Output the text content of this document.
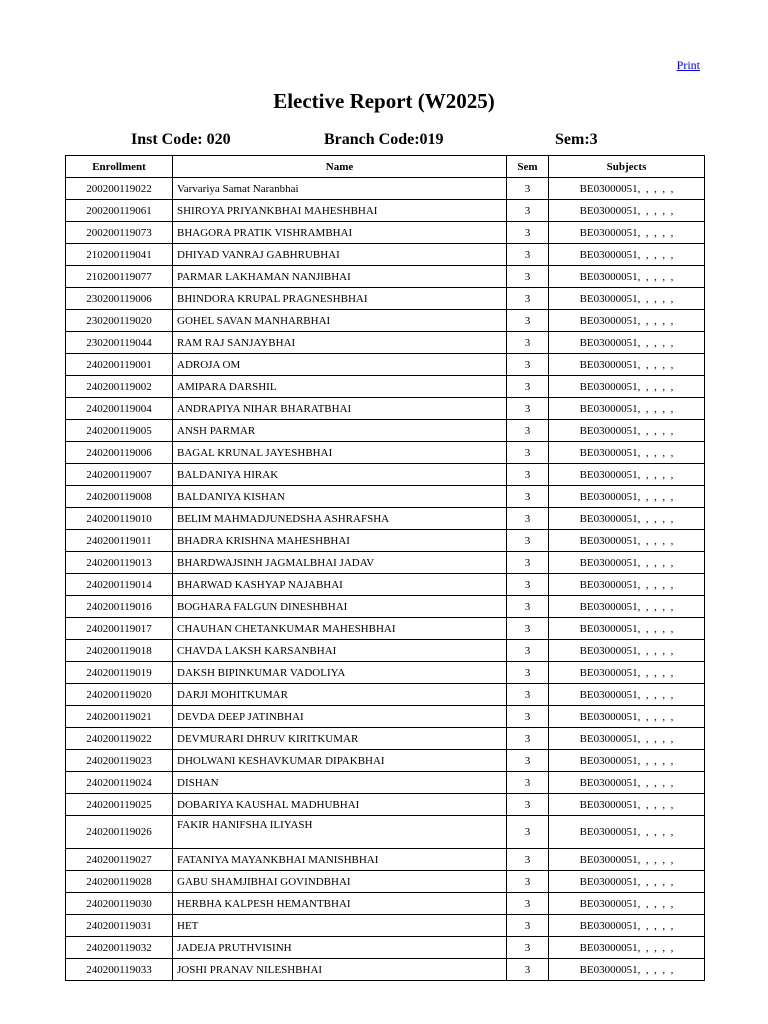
Print
Elective Report (W2025)
Inst Code: 020	Branch Code:019	Sem:3
Enrollment	Name	Sem	Subjects
200200119022	Varvariya Samat Naranbhai	3	BE03000051,  ,  ,  ,  ,
200200119061	SHIROYA PRIYANKBHAI MAHESHBHAI	3	BE03000051,  ,  ,  ,  ,
200200119073	BHAGORA PRATIK VISHRAMBHAI	3	BE03000051,  ,  ,  ,  ,
210200119041	DHIYAD VANRAJ GABHRUBHAI	3	BE03000051,  ,  ,  ,  ,
210200119077	PARMAR LAKHAMAN NANJIBHAI	3	BE03000051,  ,  ,  ,  ,
230200119006	BHINDORA KRUPAL PRAGNESHBHAI	3	BE03000051,  ,  ,  ,  ,
230200119020	GOHEL SAVAN MANHARBHAI	3	BE03000051,  ,  ,  ,  ,
230200119044	RAM RAJ SANJAYBHAI	3	BE03000051,  ,  ,  ,  ,
240200119001	ADROJA OM	3	BE03000051,  ,  ,  ,  ,
240200119002	AMIPARA DARSHIL	3	BE03000051,  ,  ,  ,  ,
240200119004	ANDRAPIYA NIHAR BHARATBHAI	3	BE03000051,  ,  ,  ,  ,
240200119005	ANSH PARMAR	3	BE03000051,  ,  ,  ,  ,
240200119006	BAGAL KRUNAL JAYESHBHAI	3	BE03000051,  ,  ,  ,  ,
240200119007	BALDANIYA HIRAK	3	BE03000051,  ,  ,  ,  ,
240200119008	BALDANIYA KISHAN	3	BE03000051,  ,  ,  ,  ,
240200119010	BELIM MAHMADJUNEDSHA ASHRAFSHA	3	BE03000051,  ,  ,  ,  ,
240200119011	BHADRA KRISHNA MAHESHBHAI	3	BE03000051,  ,  ,  ,  ,
240200119013	BHARDWAJSINH JAGMALBHAI JADAV	3	BE03000051,  ,  ,  ,  ,
240200119014	BHARWAD KASHYAP NAJABHAI	3	BE03000051,  ,  ,  ,  ,
240200119016	BOGHARA FALGUN DINESHBHAI	3	BE03000051,  ,  ,  ,  ,
240200119017	CHAUHAN CHETANKUMAR MAHESHBHAI	3	BE03000051,  ,  ,  ,  ,
240200119018	CHAVDA LAKSH KARSANBHAI	3	BE03000051,  ,  ,  ,  ,
240200119019	DAKSH BIPINKUMAR VADOLIYA	3	BE03000051,  ,  ,  ,  ,
240200119020	DARJI MOHITKUMAR	3	BE03000051,  ,  ,  ,  ,
240200119021	DEVDA DEEP JATINBHAI	3	BE03000051,  ,  ,  ,  ,
240200119022	DEVMURARI DHRUV KIRITKUMAR	3	BE03000051,  ,  ,  ,  ,
240200119023	DHOLWANI KESHAVKUMAR DIPAKBHAI	3	BE03000051,  ,  ,  ,  ,
240200119024	DISHAN	3	BE03000051,  ,  ,  ,  ,
240200119025	DOBARIYA KAUSHAL MADHUBHAI	3	BE03000051,  ,  ,  ,  ,
240200119026	FAKIR HANIFSHA ILIYASH	3	BE03000051,  ,  ,  ,  ,
240200119027	FATANIYA MAYANKBHAI MANISHBHAI	3	BE03000051,  ,  ,  ,  ,
240200119028	GABU SHAMJIBHAI GOVINDBHAI	3	BE03000051,  ,  ,  ,  ,
240200119030	HERBHA KALPESH HEMANTBHAI	3	BE03000051,  ,  ,  ,  ,
240200119031	HET	3	BE03000051,  ,  ,  ,  ,
240200119032	JADEJA PRUTHVISINH	3	BE03000051,  ,  ,  ,  ,
240200119033	JOSHI PRANAV NILESHBHAI	3	BE03000051,  ,  ,  ,  ,
